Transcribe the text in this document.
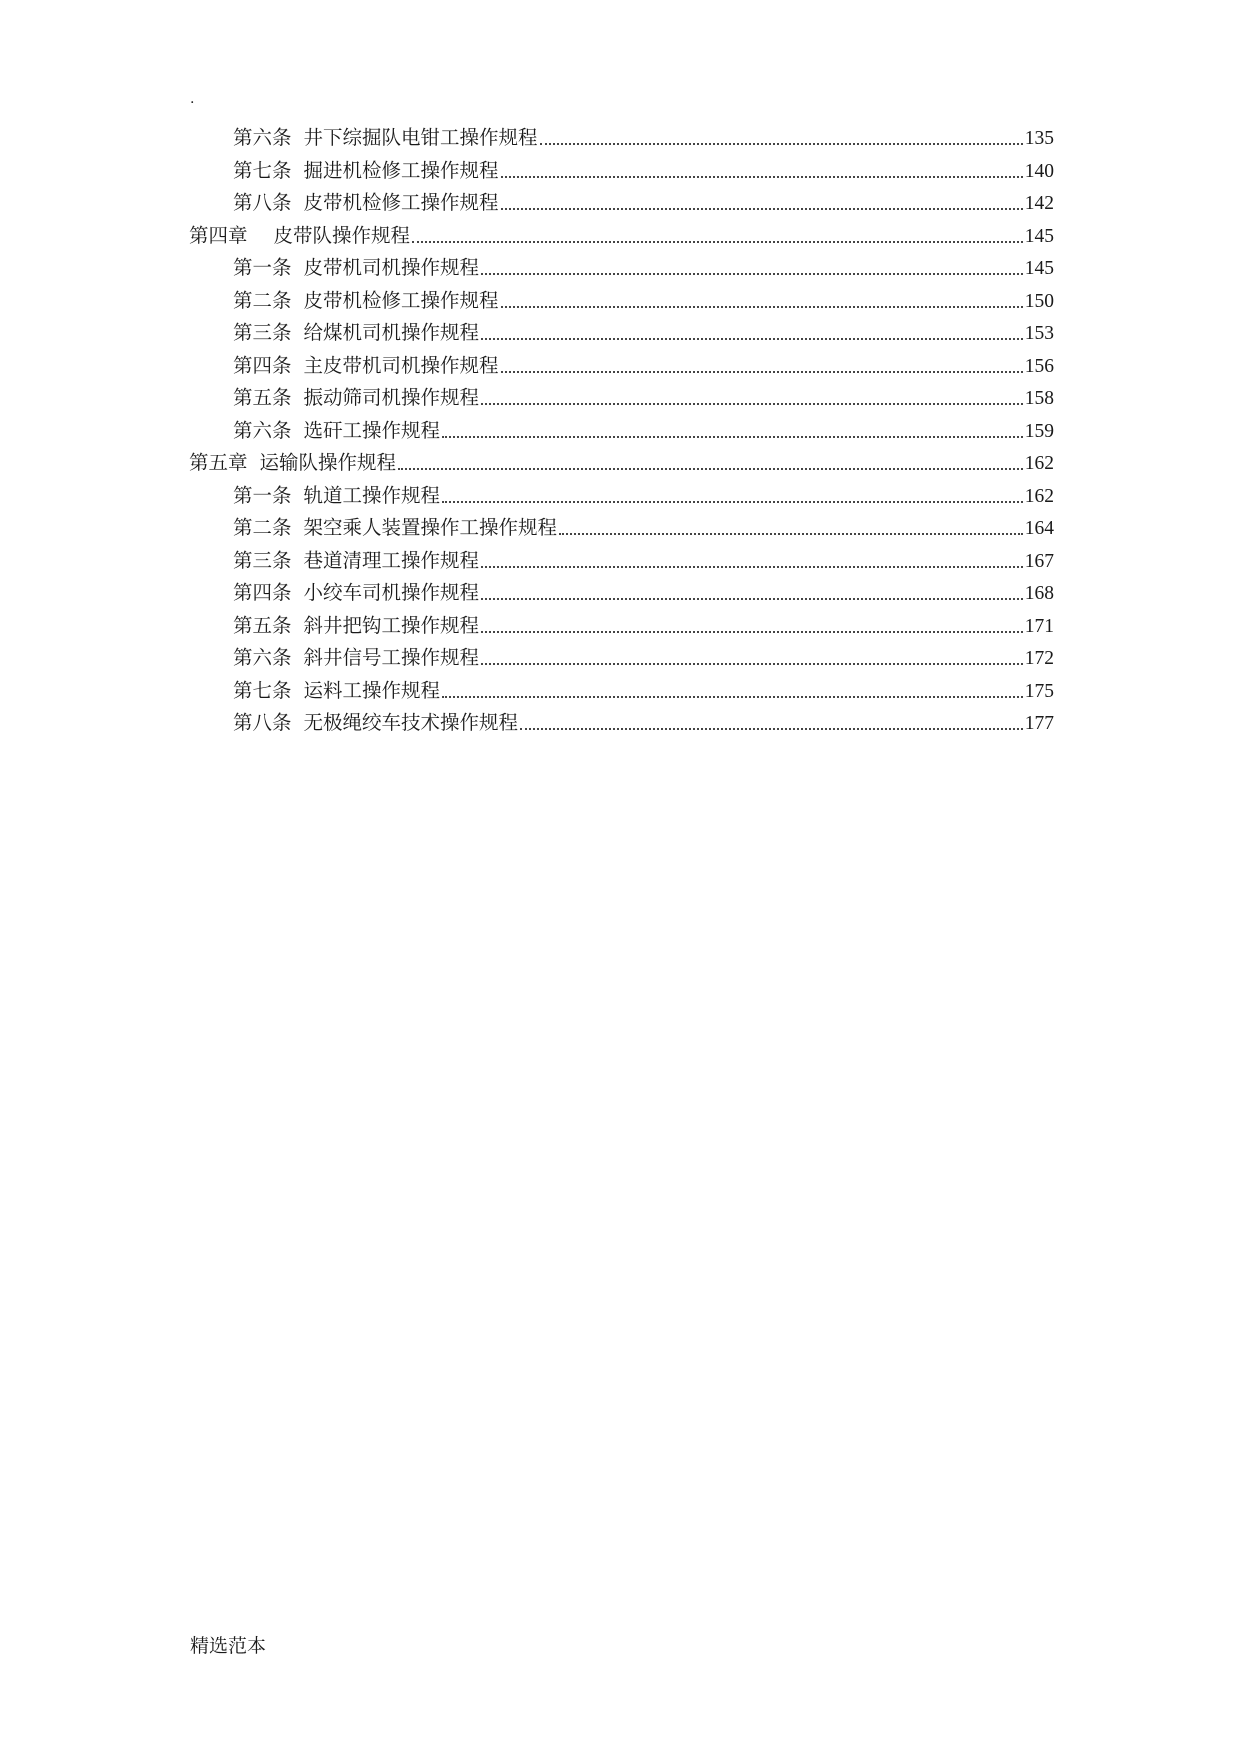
.
第六条 井下综掘队电钳工操作规程	135
第七条 掘进机检修工操作规程	140
第八条 皮带机检修工操作规程	142
第四章 皮带队操作规程	145
第一条 皮带机司机操作规程	145
第二条 皮带机检修工操作规程	150
第三条 给煤机司机操作规程	153
第四条 主皮带机司机操作规程	156
第五条 振动筛司机操作规程	158
第六条 选矸工操作规程	159
第五章 运输队操作规程	162
第一条 轨道工操作规程	162
第二条 架空乘人装置操作工操作规程	164
第三条 巷道清理工操作规程	167
第四条 小绞车司机操作规程	168
第五条 斜井把钩工操作规程	171
第六条 斜井信号工操作规程	172
第七条 运料工操作规程	175
第八条 无极绳绞车技术操作规程	177
精选范本
